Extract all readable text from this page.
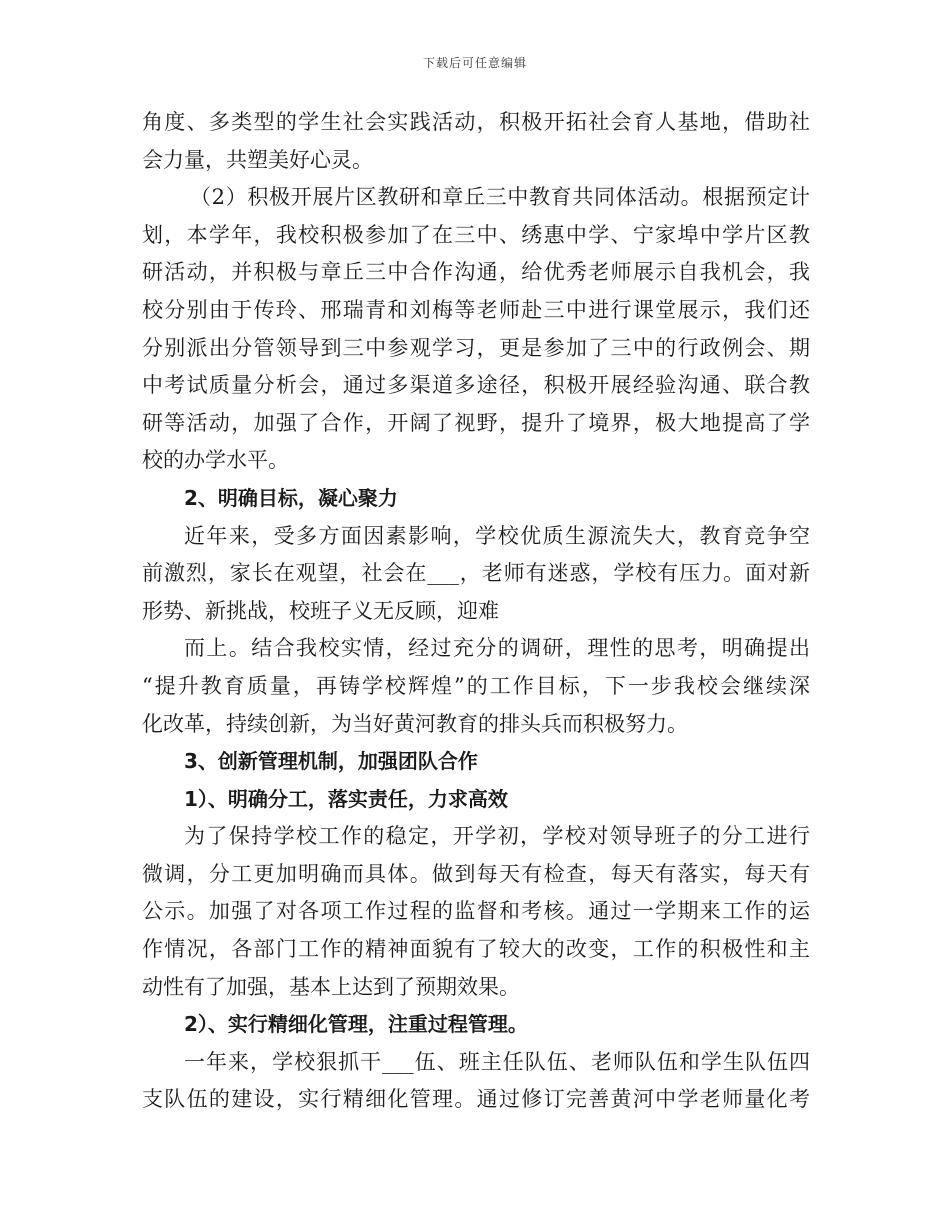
下载后可任意编辑
角度、多类型的学生社会实践活动，积极开拓社会育人基地，借助社
会力量，共塑美好心灵。
（2）积极开展片区教研和章丘三中教育共同体活动。根据预定计
划，本学年，我校积极参加了在三中、绣惠中学、宁家埠中学片区教
研活动，并积极与章丘三中合作沟通，给优秀老师展示自我机会，我
校分别由于传玲、邢瑞青和刘梅等老师赴三中进行课堂展示，我们还
分别派出分管领导到三中参观学习，更是参加了三中的行政例会、期
中考试质量分析会，通过多渠道多途径，积极开展经验沟通、联合教
研等活动，加强了合作，开阔了视野，提升了境界，极大地提高了学
校的办学水平。
2、明确目标，凝心聚力
近年来，受多方面因素影响，学校优质生源流失大，教育竞争空
前激烈，家长在观望，社会在___，老师有迷惑，学校有压力。面对新
形势、新挑战，校班子义无反顾，迎难
而上。结合我校实情，经过充分的调研，理性的思考，明确提出
“提升教育质量，再铸学校辉煌”的工作目标，下一步我校会继续深
化改革，持续创新，为当好黄河教育的排头兵而积极努力。
3、创新管理机制，加强团队合作
1）、明确分工，落实责任，力求高效
为了保持学校工作的稳定，开学初，学校对领导班子的分工进行
微调，分工更加明确而具体。做到每天有检查，每天有落实，每天有
公示。加强了对各项工作过程的监督和考核。通过一学期来工作的运
作情况，各部门工作的精神面貌有了较大的改变，工作的积极性和主
动性有了加强，基本上达到了预期效果。
2）、实行精细化管理，注重过程管理。
一年来，学校狠抓干___伍、班主任队伍、老师队伍和学生队伍四
支队伍的建设，实行精细化管理。通过修订完善黄河中学老师量化考
